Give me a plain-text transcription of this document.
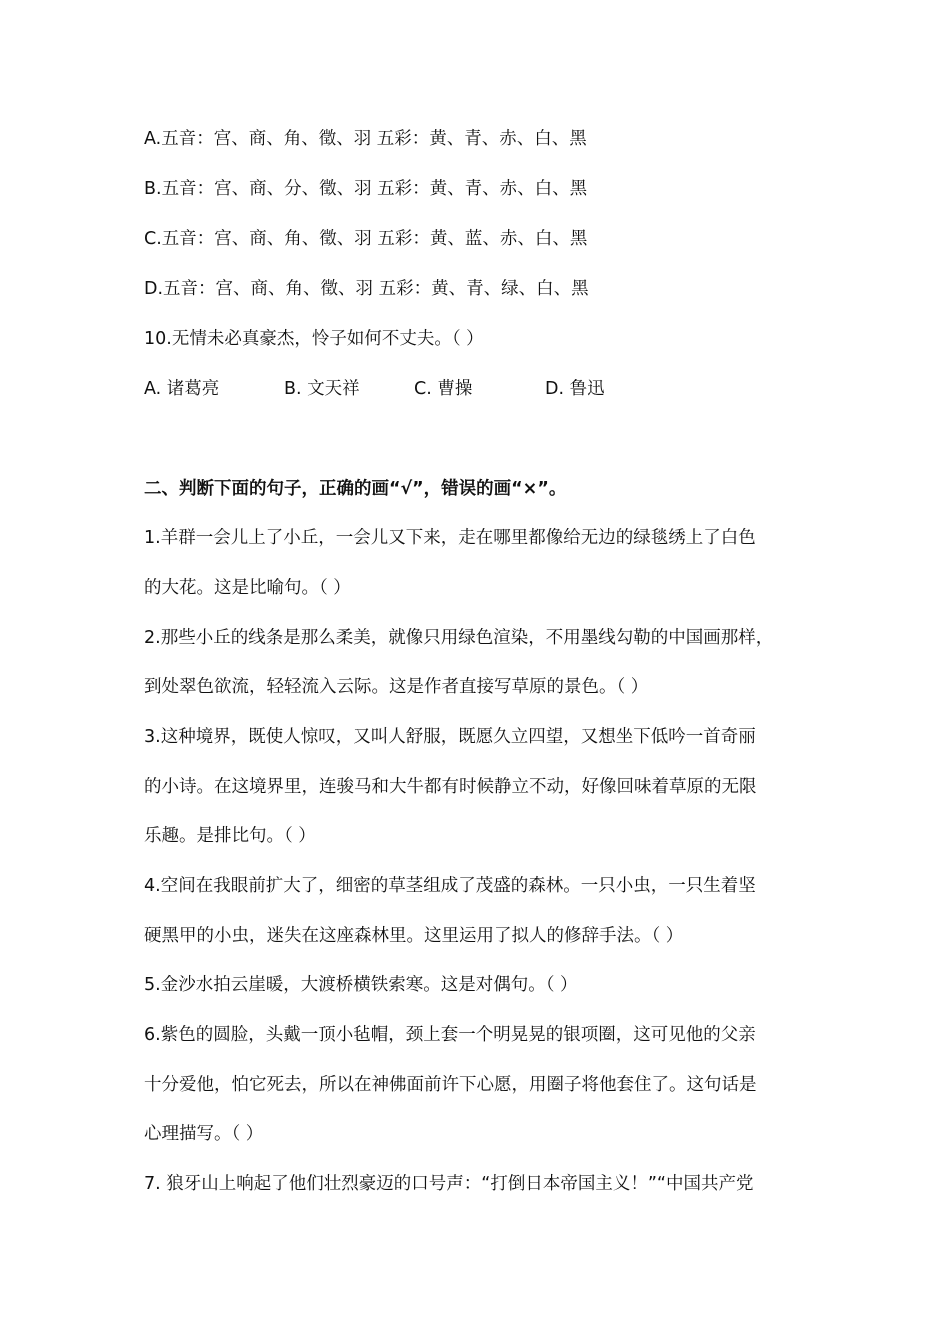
A.五音：宫、商、角、徵、羽 五彩：黄、青、赤、白、黑
B.五音：宫、商、分、徵、羽 五彩：黄、青、赤、白、黑
C.五音：宫、商、角、徵、羽 五彩：黄、蓝、赤、白、黑
D.五音：宫、商、角、徵、羽 五彩：黄、青、绿、白、黑
10.无情未必真豪杰，怜子如何不丈夫。（ ）
A. 诸葛亮	B. 文天祥	C. 曹操	D. 鲁迅
二、判断下面的句子，正确的画“√”，错误的画“×”。
1.羊群一会儿上了小丘，一会儿又下来，走在哪里都像给无边的绿毯绣上了白色
的大花。这是比喻句。（ ）
2.那些小丘的线条是那么柔美，就像只用绿色渲染，不用墨线勾勒的中国画那样，
到处翠色欲流，轻轻流入云际。这是作者直接写草原的景色。（ ）
3.这种境界，既使人惊叹，又叫人舒服，既愿久立四望，又想坐下低吟一首奇丽
的小诗。在这境界里，连骏马和大牛都有时候静立不动，好像回味着草原的无限
乐趣。是排比句。（ ）
4.空间在我眼前扩大了，细密的草茎组成了茂盛的森林。一只小虫，一只生着坚
硬黑甲的小虫，迷失在这座森林里。这里运用了拟人的修辞手法。（ ）
5.金沙水拍云崖暖，大渡桥横铁索寒。这是对偶句。（ ）
6.紫色的圆脸，头戴一顶小毡帽，颈上套一个明晃晃的银项圈，这可见他的父亲
十分爱他，怕它死去，所以在神佛面前许下心愿，用圈子将他套住了。这句话是
心理描写。（ ）
7. 狼牙山上响起了他们壮烈豪迈的口号声：“打倒日本帝国主义！”“中国共产党
